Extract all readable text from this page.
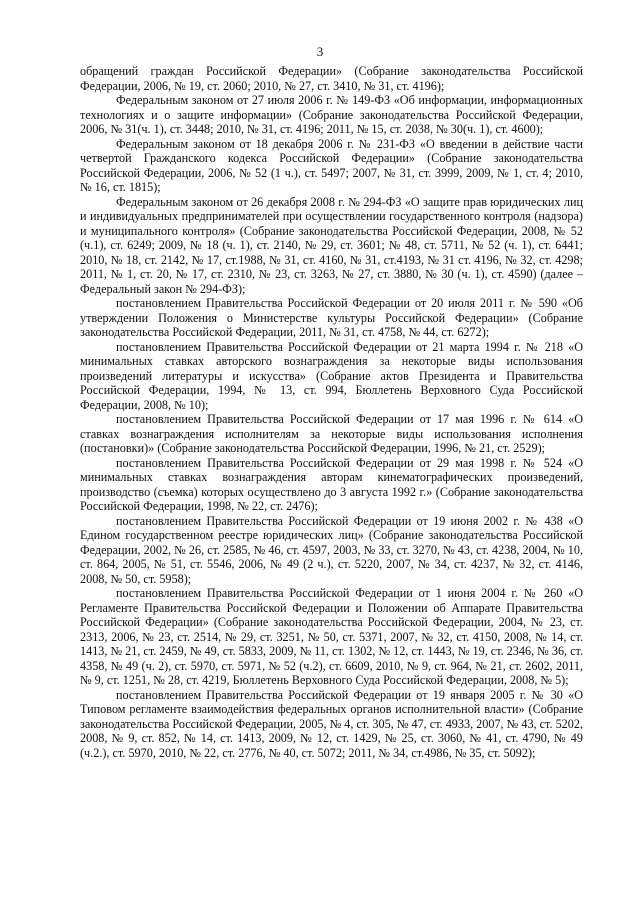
3

обращений граждан Российской Федерации» (Собрание законодательства Российской Федерации, 2006, № 19, ст. 2060; 2010, № 27, ст. 3410, № 31, ст. 4196);

Федеральным законом от 27 июля 2006 г. № 149-ФЗ «Об информации, информационных технологиях и о защите информации» (Собрание законодательства Российской Федерации, 2006, № 31(ч. 1), ст. 3448; 2010, № 31, ст. 4196; 2011, № 15, ст. 2038, № 30(ч. 1), ст. 4600);

Федеральным законом от 18 декабря 2006 г. № 231-ФЗ «О введении в действие части четвертой Гражданского кодекса Российской Федерации» (Собрание законодательства Российской Федерации, 2006, № 52 (1 ч.), ст. 5497; 2007, № 31, ст. 3999, 2009, № 1, ст. 4; 2010, № 16, ст. 1815);

Федеральным законом от 26 декабря 2008 г. № 294-ФЗ «О защите прав юридических лиц и индивидуальных предпринимателей при осуществлении государственного контроля (надзора) и муниципального контроля» (Собрание законодательства Российской Федерации, 2008, № 52 (ч.1), ст. 6249; 2009, № 18 (ч. 1), ст. 2140, № 29, ст. 3601; № 48, ст. 5711, № 52 (ч. 1), ст. 6441; 2010, № 18, ст. 2142, № 17, ст.1988, № 31, ст. 4160, № 31, ст.4193, № 31 ст. 4196, № 32, ст. 4298; 2011, № 1, ст. 20, № 17, ст. 2310, № 23, ст. 3263, № 27, ст. 3880, № 30 (ч. 1), ст. 4590) (далее – Федеральный закон № 294-ФЗ);

постановлением Правительства Российской Федерации от 20 июля 2011 г. № 590 «Об утверждении Положения о Министерстве культуры Российской Федерации» (Собрание законодательства Российской Федерации, 2011, № 31, ст. 4758, № 44, ст. 6272);

постановлением Правительства Российской Федерации от 21 марта 1994 г. № 218 «О минимальных ставках авторского вознаграждения за некоторые виды использования произведений литературы и искусства» (Собрание актов Президента и Правительства Российской Федерации, 1994, № 13, ст. 994, Бюллетень Верховного Суда Российской Федерации, 2008, № 10);

постановлением Правительства Российской Федерации от 17 мая 1996 г. № 614 «О ставках вознаграждения исполнителям за некоторые виды использования исполнения (постановки)» (Собрание законодательства Российской Федерации, 1996, № 21, ст. 2529);

постановлением Правительства Российской Федерации от 29 мая 1998 г. № 524 «О минимальных ставках вознаграждения авторам кинематографических произведений, производство (съемка) которых осуществлено до 3 августа 1992 г.» (Собрание законодательства Российской Федерации, 1998, № 22, ст. 2476);

постановлением Правительства Российской Федерации от 19 июня 2002 г. № 438 «О Едином государственном реестре юридических лиц» (Собрание законодательства Российской Федерации, 2002, № 26, ст. 2585, № 46, ст. 4597, 2003, № 33, ст. 3270, № 43, ст. 4238, 2004, № 10, ст. 864, 2005, № 51, ст. 5546, 2006, № 49 (2 ч.), ст. 5220, 2007, № 34, ст. 4237, № 32, ст. 4146, 2008, № 50, ст. 5958);

постановлением Правительства Российской Федерации от 1 июня 2004 г. № 260 «О Регламенте Правительства Российской Федерации и Положении об Аппарате Правительства Российской Федерации» (Собрание законодательства Российской Федерации, 2004, № 23, ст. 2313, 2006, № 23, ст. 2514, № 29, ст. 3251, № 50, ст. 5371, 2007, № 32, ст. 4150, 2008, № 14, ст. 1413, № 21, ст. 2459, № 49, ст. 5833, 2009, № 11, ст. 1302, № 12, ст. 1443, № 19, ст. 2346, № 36, ст. 4358, № 49 (ч. 2), ст. 5970, ст. 5971, № 52 (ч.2), ст. 6609, 2010, № 9, ст. 964, № 21, ст. 2602, 2011, № 9, ст. 1251, № 28, ст. 4219, Бюллетень Верховного Суда Российской Федерации, 2008, № 5);

постановлением Правительства Российской Федерации от 19 января 2005 г. № 30 «О Типовом регламенте взаимодействия федеральных органов исполнительной власти» (Собрание законодательства Российской Федерации, 2005, № 4, ст. 305, № 47, ст. 4933, 2007, № 43, ст. 5202, 2008, № 9, ст. 852, № 14, ст. 1413, 2009, № 12, ст. 1429, № 25, ст. 3060, № 41, ст. 4790, № 49 (ч.2.), ст. 5970, 2010, № 22, ст. 2776, № 40, ст. 5072; 2011, № 34, ст.4986, № 35, ст. 5092);
